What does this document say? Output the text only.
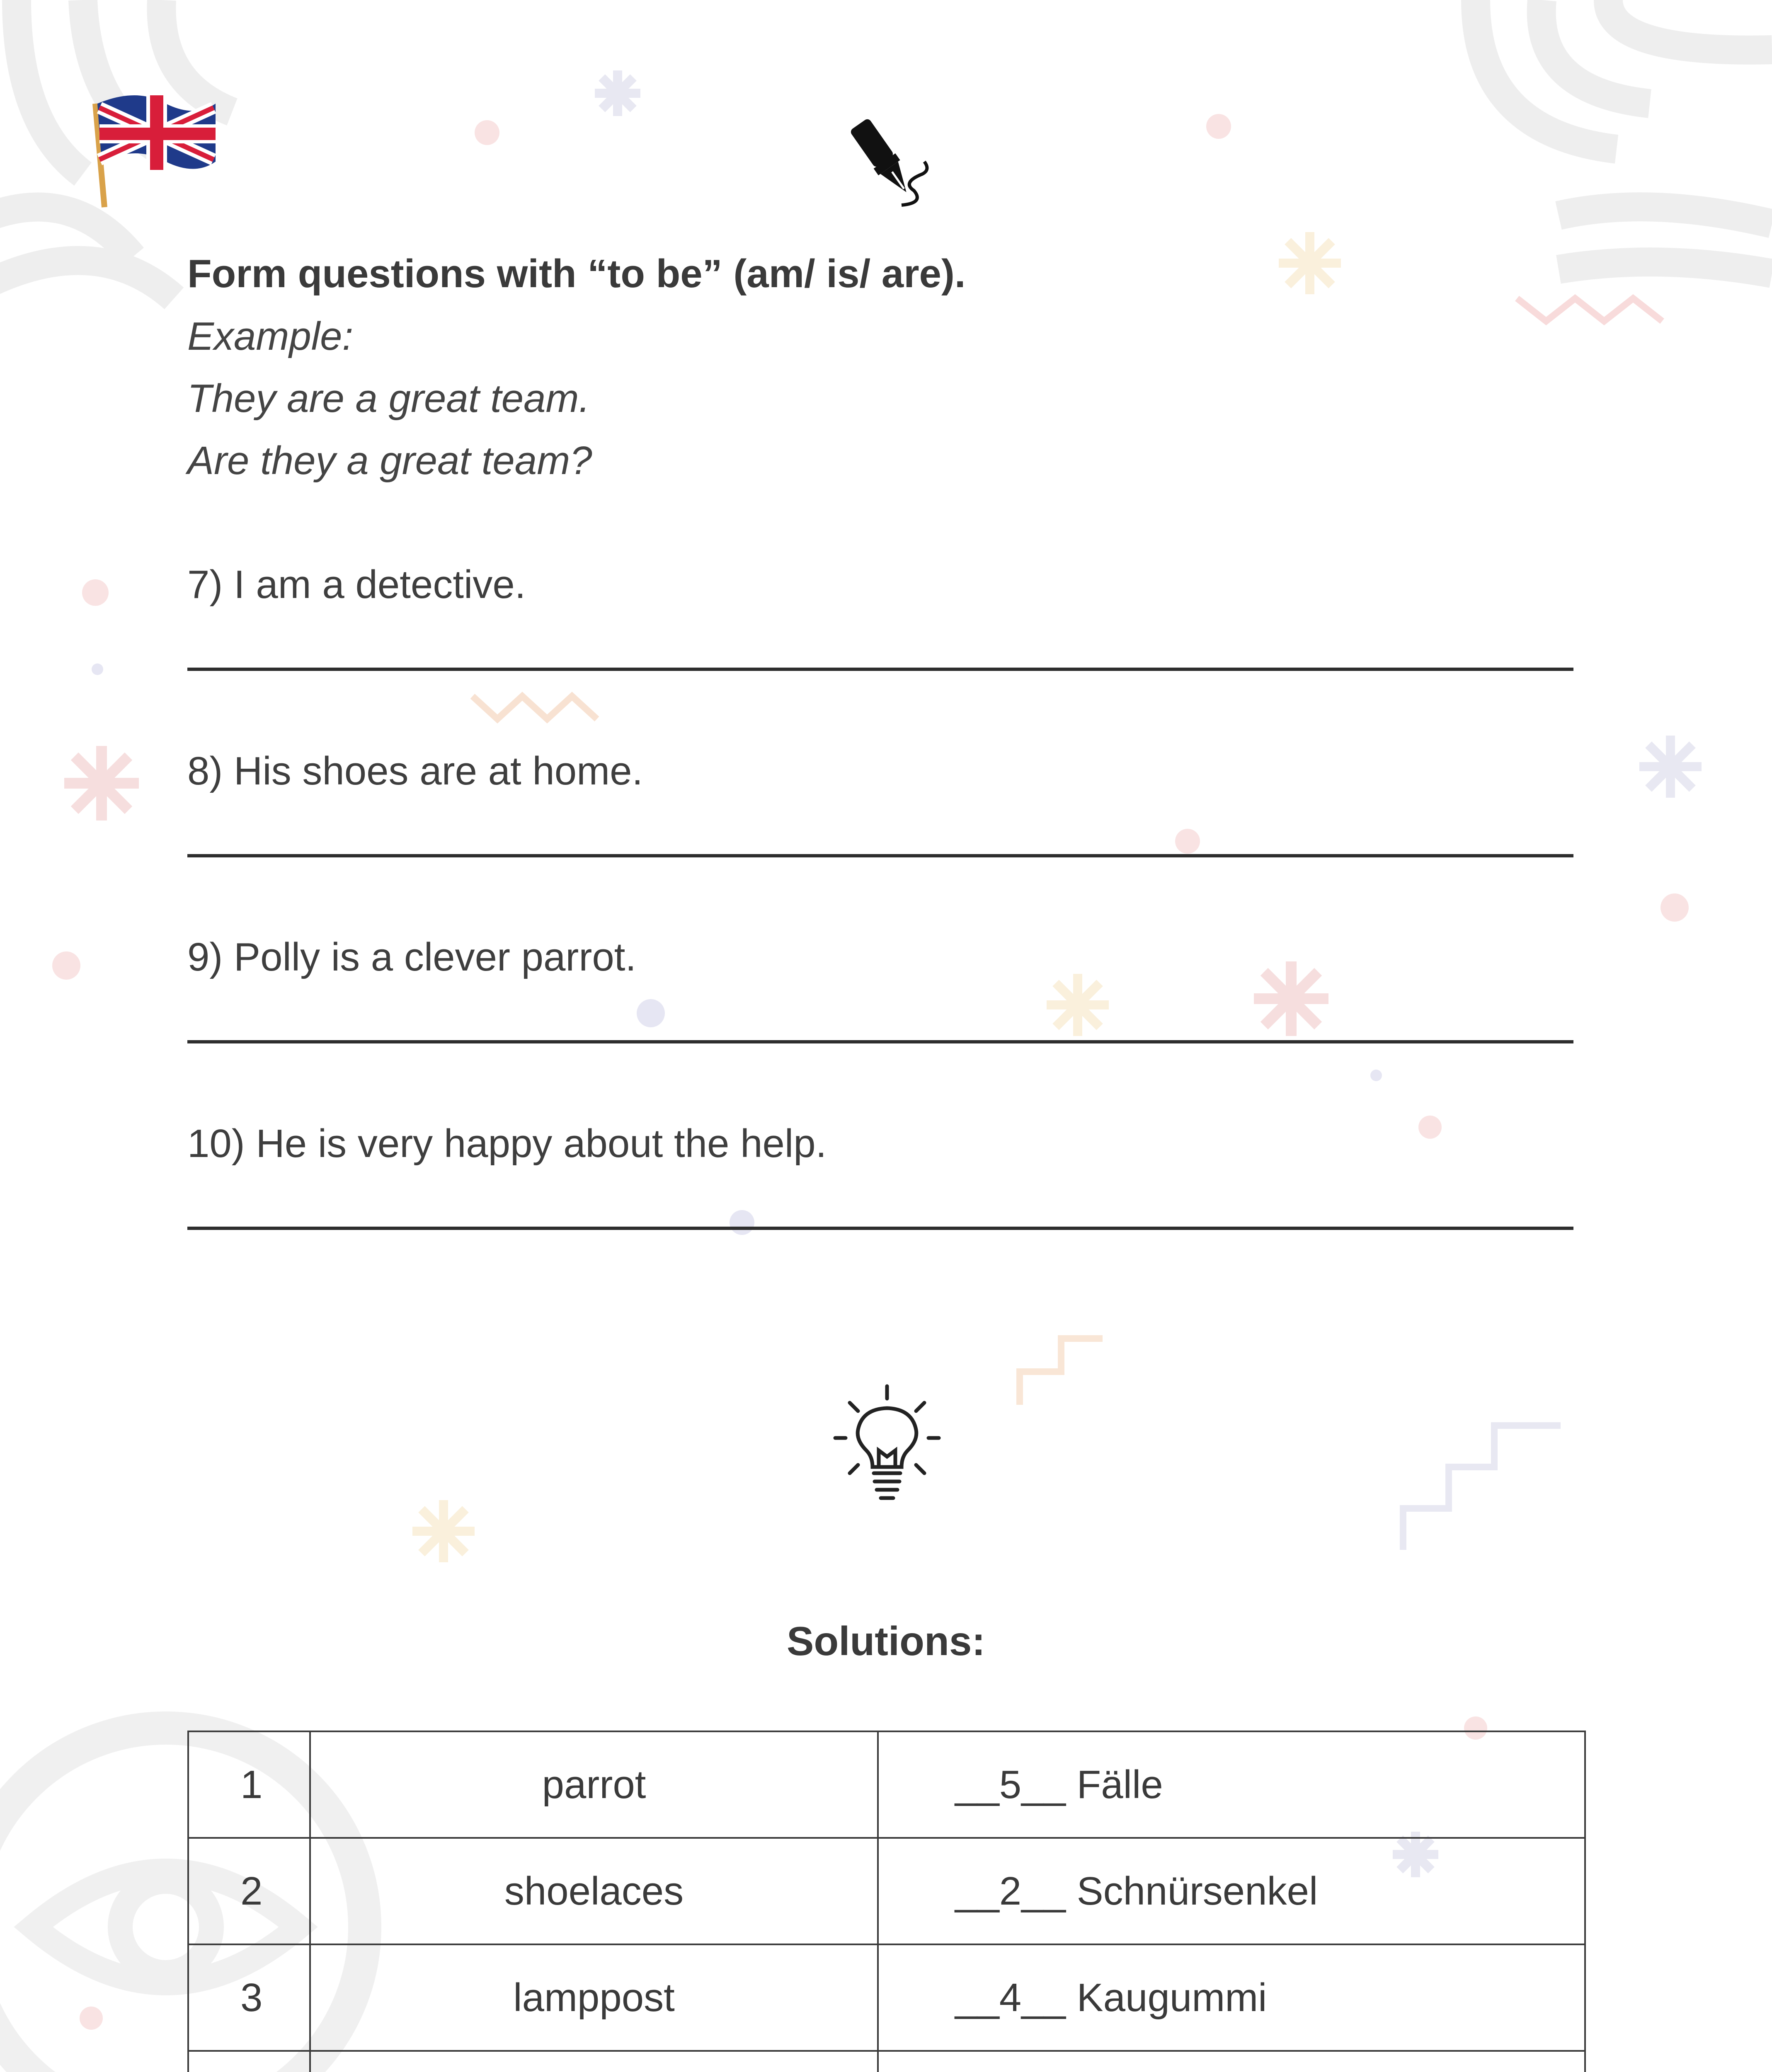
Form questions with “to be” (am/ is/ are).
Example:
They are a great team.
Are they a great team?
7) I am a detective.
8) His shoes are at home.
9) Polly is a clever parrot.
10) He is very happy about the help.
Solutions:
1	parrot	__5__ Fälle
2	shoelaces	__2__ Schnürsenkel
3	lamppost	__4__ Kaugummi
